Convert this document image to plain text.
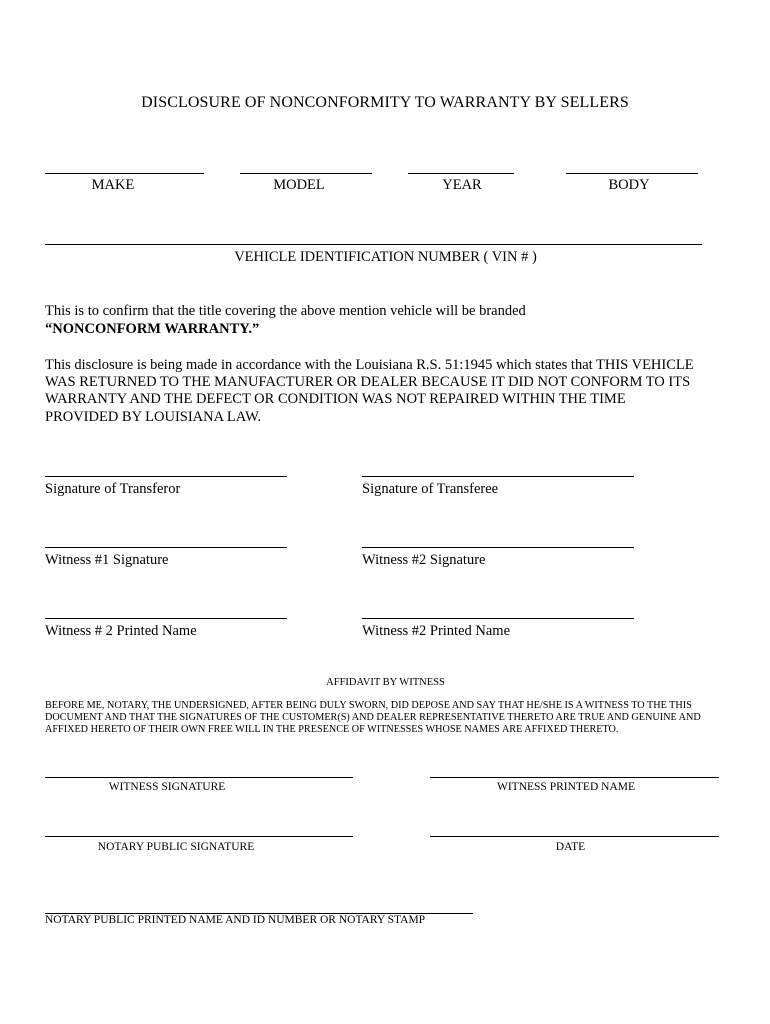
DISCLOSURE OF NONCONFORMITY TO WARRANTY BY SELLERS
MAKE	MODEL	YEAR	BODY
VEHICLE IDENTIFICATION NUMBER ( VIN # )
This is to confirm that the title covering the above mention vehicle will be branded
“NONCONFORM WARRANTY.”
This disclosure is being made in accordance with the Louisiana R.S. 51:1945 which states that THIS VEHICLE
WAS RETURNED TO THE MANUFACTURER OR DEALER BECAUSE IT DID NOT CONFORM TO ITS
WARRANTY AND THE DEFECT OR CONDITION WAS NOT REPAIRED WITHIN THE TIME
PROVIDED BY LOUISIANA LAW.
Signature of Transferor	Signature of Transferee
Witness #1 Signature	Witness #2 Signature
Witness # 2 Printed Name	Witness #2 Printed Name
AFFIDAVIT BY WITNESS
BEFORE ME, NOTARY, THE UNDERSIGNED, AFTER BEING DULY SWORN, DID DEPOSE AND SAY THAT HE/SHE IS A WITNESS TO THE THIS
DOCUMENT AND THAT THE SIGNATURES OF THE CUSTOMER(S) AND DEALER REPRESENTATIVE THERETO ARE TRUE AND GENUINE AND
AFFIXED HERETO OF THEIR OWN FREE WILL IN THE PRESENCE OF WITNESSES WHOSE NAMES ARE AFFIXED THERETO.
WITNESS SIGNATURE	WITNESS PRINTED NAME
NOTARY PUBLIC SIGNATURE	DATE
NOTARY PUBLIC PRINTED NAME AND ID NUMBER OR NOTARY STAMP
